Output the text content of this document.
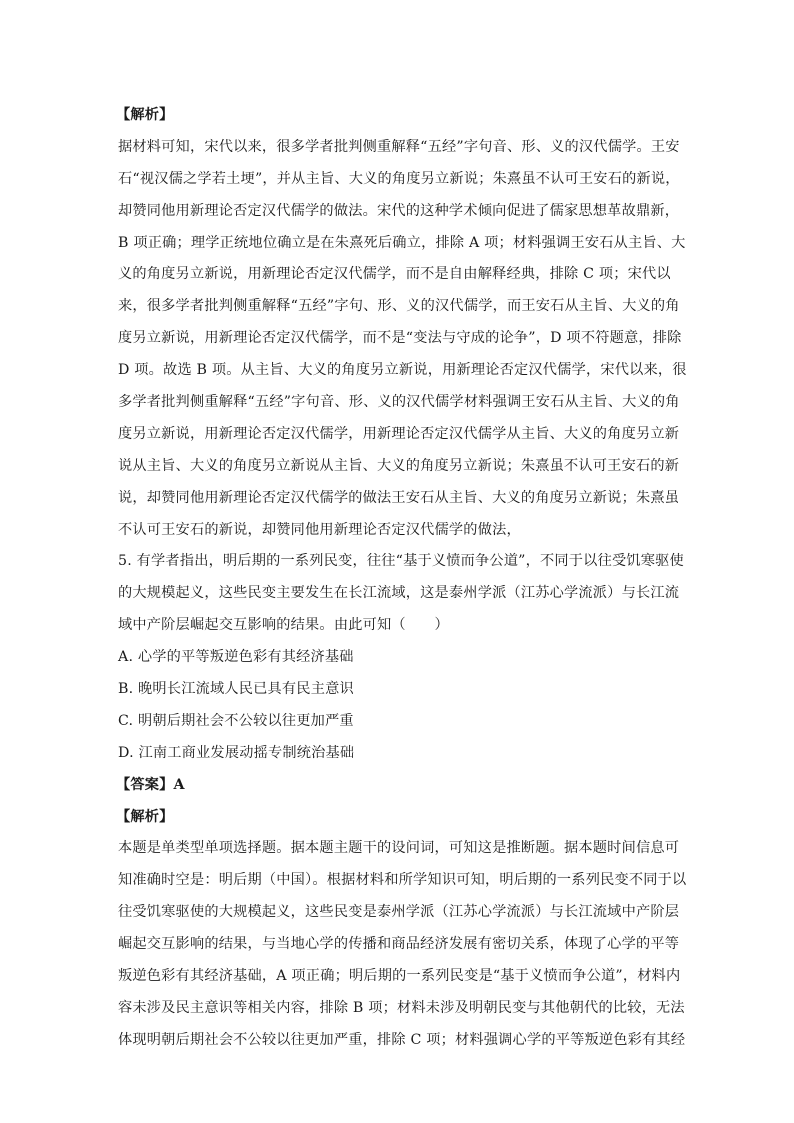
【解析】
据材料可知，宋代以来，很多学者批判侧重解释“五经”字句音、形、义的汉代儒学。王安
石“视汉儒之学若土埂”，并从主旨、大义的角度另立新说；朱熹虽不认可王安石的新说，
却赞同他用新理论否定汉代儒学的做法。宋代的这种学术倾向促进了儒家思想革故鼎新，
B 项正确；理学正统地位确立是在朱熹死后确立，排除 A 项；材料强调王安石从主旨、大
义的角度另立新说，用新理论否定汉代儒学，而不是自由解释经典，排除 C 项；宋代以
来，很多学者批判侧重解释“五经”字句、形、义的汉代儒学，而王安石从主旨、大义的角
度另立新说，用新理论否定汉代儒学，而不是“变法与守成的论争”，D 项不符题意，排除
D 项。故选 B 项。从主旨、大义的角度另立新说，用新理论否定汉代儒学，宋代以来，很
多学者批判侧重解释“五经”字句音、形、义的汉代儒学材料强调王安石从主旨、大义的角
度另立新说，用新理论否定汉代儒学，用新理论否定汉代儒学从主旨、大义的角度另立新
说从主旨、大义的角度另立新说从主旨、大义的角度另立新说；朱熹虽不认可王安石的新
说，却赞同他用新理论否定汉代儒学的做法王安石从主旨、大义的角度另立新说；朱熹虽
不认可王安石的新说，却赞同他用新理论否定汉代儒学的做法，
5. 有学者指出，明后期的一系列民变，往往“基于义愤而争公道”，不同于以往受饥寒驱使
的大规模起义，这些民变主要发生在长江流域，这是泰州学派（江苏心学流派）与长江流
域中产阶层崛起交互影响的结果。由此可知（　　）
A. 心学的平等叛逆色彩有其经济基础
B. 晚明长江流域人民已具有民主意识
C. 明朝后期社会不公较以往更加严重
D. 江南工商业发展动摇专制统治基础
【答案】A
【解析】
本题是单类型单项选择题。据本题主题干的设问词，可知这是推断题。据本题时间信息可
知准确时空是：明后期（中国）。根据材料和所学知识可知，明后期的一系列民变不同于以
往受饥寒驱使的大规模起义，这些民变是泰州学派（江苏心学流派）与长江流域中产阶层
崛起交互影响的结果，与当地心学的传播和商品经济发展有密切关系，体现了心学的平等
叛逆色彩有其经济基础，A 项正确；明后期的一系列民变是“基于义愤而争公道”，材料内
容未涉及民主意识等相关内容，排除 B 项；材料未涉及明朝民变与其他朝代的比较，无法
体现明朝后期社会不公较以往更加严重，排除 C 项；材料强调心学的平等叛逆色彩有其经
